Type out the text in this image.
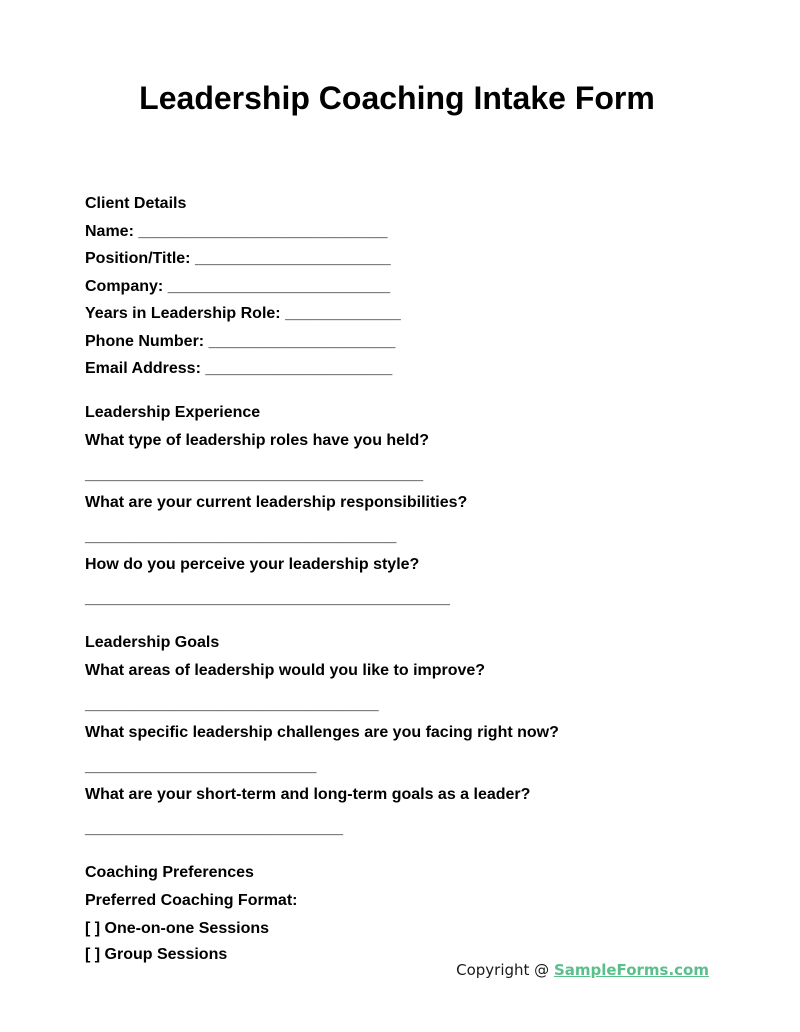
Leadership Coaching Intake Form
Client Details
Name: ____________________________
Position/Title: ______________________
Company: _________________________
Years in Leadership Role: _____________
Phone Number: _____________________
Email Address: _____________________
Leadership Experience
What type of leadership roles have you held?
______________________________________
What are your current leadership responsibilities?
___________________________________
How do you perceive your leadership style?
_________________________________________
Leadership Goals
What areas of leadership would you like to improve?
_________________________________
What specific leadership challenges are you facing right now?
__________________________
What are your short-term and long-term goals as a leader?
_____________________________
Coaching Preferences
Preferred Coaching Format:
[ ] One-on-one Sessions
[ ] Group Sessions
Copyright @ SampleForms.com
